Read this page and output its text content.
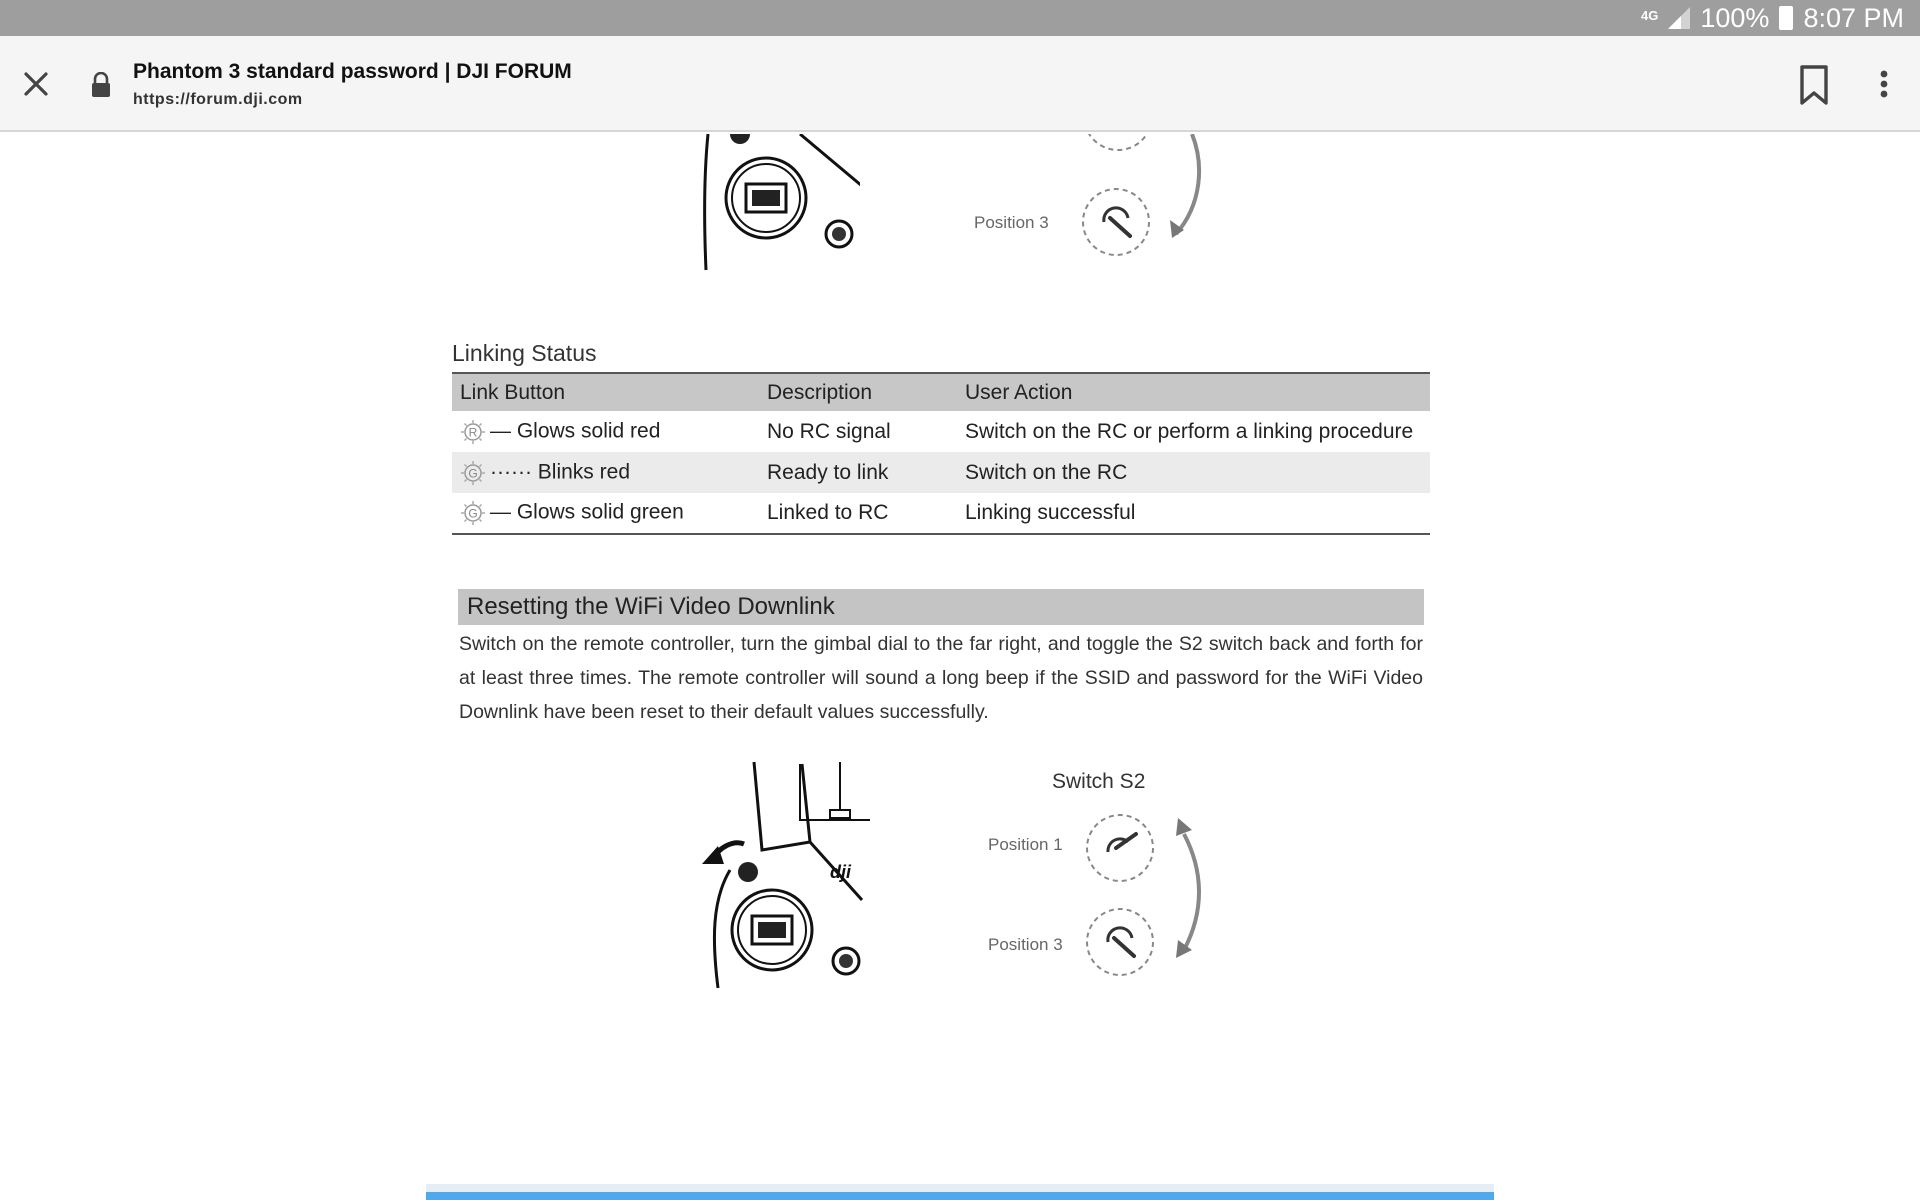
4G 100% 8:07 PM
Phantom 3 standard password | DJI FORUM
https://forum.dji.com
Position 3
Linking Status
Link Button	Description	User Action

R — Glows solid red	No RC signal	Switch on the RC or perform a linking procedure

G ······ Blinks red	Ready to link	Switch on the RC

G — Glows solid green	Linked to RC	Linking successful
Resetting the WiFi Video Downlink

Switch on the remote controller, turn the gimbal dial to the far right, and toggle the S2 switch back and forth for at least three times. The remote controller will sound a long beep if the SSID and password for the WiFi Video Downlink have been reset to their default values successfully.

dji
Switch S2
Position 1
Position 3
